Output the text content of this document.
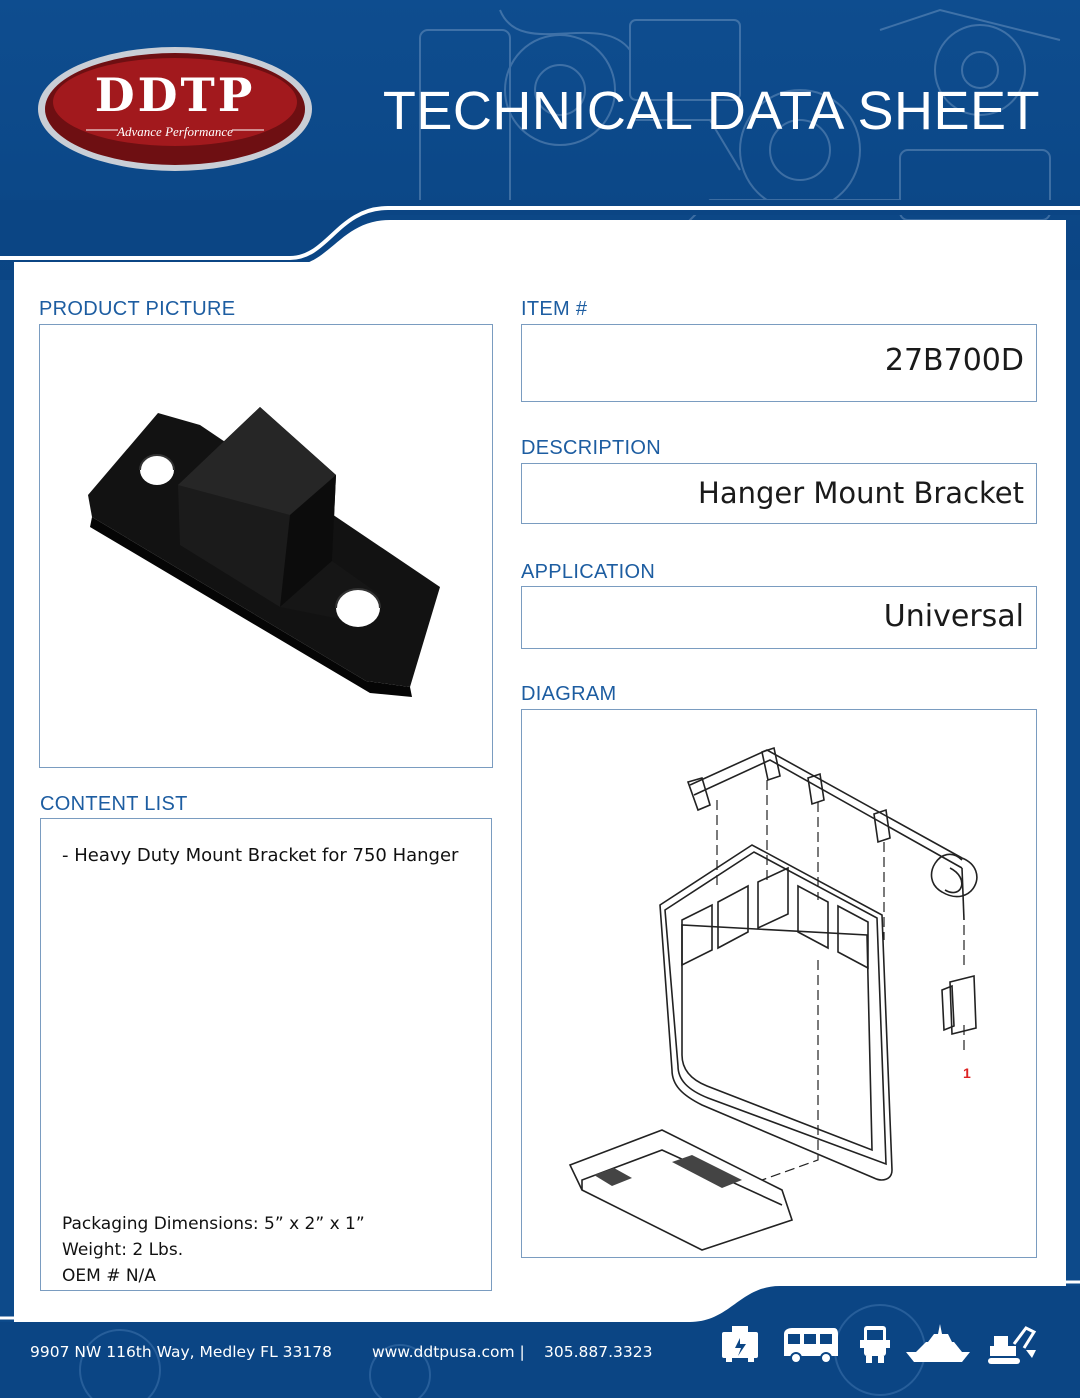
DDTP
Advance Performance	TECHNICAL DATA SHEET
PRODUCT PICTURE	ITEM #
27B700D
DESCRIPTION
Hanger Mount Bracket
APPLICATION
Universal
DIAGRAM
1
CONTENT LIST
- Heavy Duty Mount Bracket for 750 Hanger
Packaging Dimensions: 5” x 2” x 1”
Weight: 2 Lbs.
OEM # N/A
9907 NW 116th Way, Medley FL 33178	www.ddtpusa.com | 305.887.3323
